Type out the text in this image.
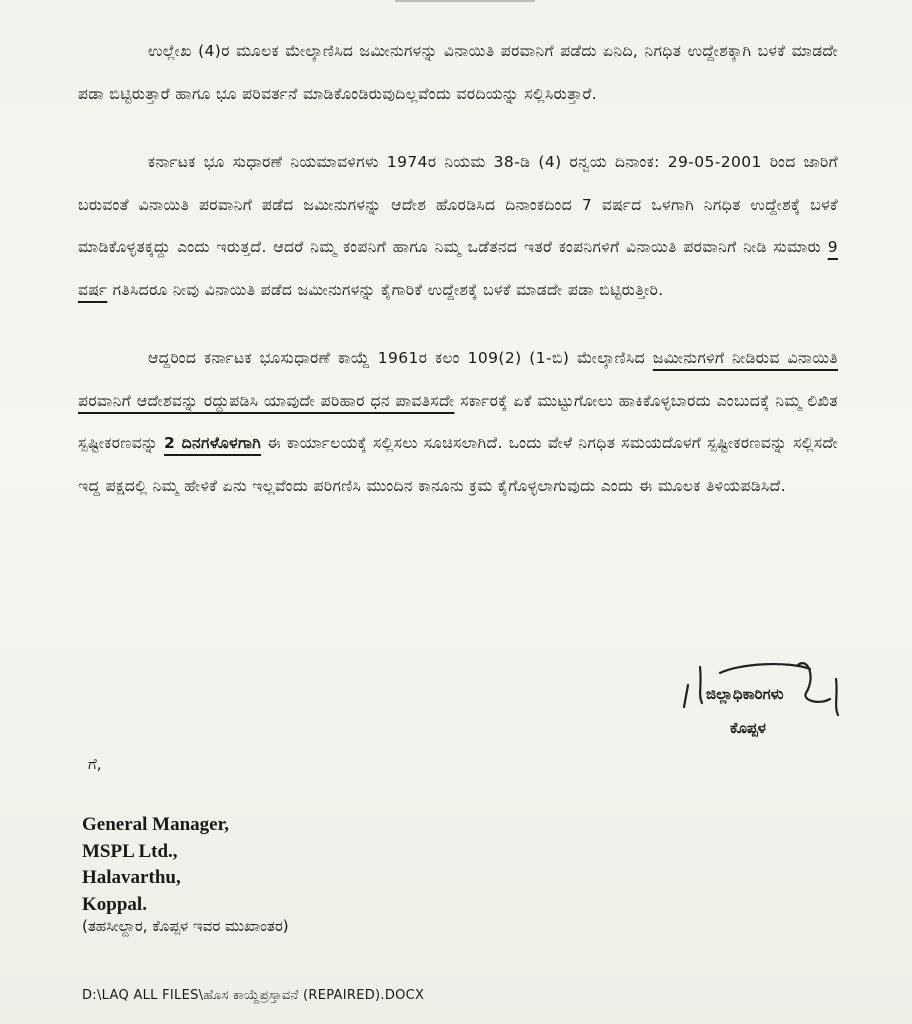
ಉಲ್ಲೇಖ (4)ರ ಮೂಲಕ ಮೇಲ್ಕಾಣಿಸಿದ ಜಮೀನುಗಳನ್ನು ವಿನಾಯಿತಿ ಪರವಾನಿಗೆ ಪಡೆದು ಏನಿದಿ, ನಿಗಧಿತ ಉದ್ದೇಶಕ್ಕಾಗಿ ಬಳಕೆ ಮಾಡದೇ ಪಡಾ ಬಿಟ್ಟಿರುತ್ತಾರೆ ಹಾಗೂ ಭೂ ಪರಿವರ್ತನೆ ಮಾಡಿಕೊಂಡಿರುವುದಿಲ್ಲವೆಂದು ವರದಿಯನ್ನು ಸಲ್ಲಿಸಿರುತ್ತಾರೆ.

ಕರ್ನಾಟಕ ಭೂ ಸುಧಾರಣೆ ನಿಯಮಾವಳಿಗಳು 1974ರ ನಿಯಮ 38-ಡಿ (4) ರನ್ವಯ ದಿನಾಂಕ: 29-05-2001 ರಿಂದ ಜಾರಿಗೆ ಬರುವಂತೆ ವಿನಾಯಿತಿ ಪರವಾನಿಗೆ ಪಡೆದ ಜಮೀನುಗಳನ್ನು ಆದೇಶ ಹೊರಡಿಸಿದ ದಿನಾಂಕದಿಂದ 7 ವರ್ಷದ ಒಳಗಾಗಿ ನಿಗಧಿತ ಉದ್ದೇಶಕ್ಕೆ ಬಳಕೆ ಮಾಡಿಕೊಳ್ಳತಕ್ಕದ್ದು ಎಂದು ಇರುತ್ತದೆ. ಆದರೆ ನಿಮ್ಮ ಕಂಪನಿಗೆ ಹಾಗೂ ನಿಮ್ಮ ಒಡೆತನದ ಇತರೆ ಕಂಪನಿಗಳಿಗೆ ವಿನಾಯಿತಿ ಪರವಾನಿಗೆ ನೀಡಿ ಸುಮಾರು 9 ವರ್ಷ ಗತಿಸಿದರೂ ನೀವು ವಿನಾಯಿತಿ ಪಡೆದ ಜಮೀನುಗಳನ್ನು ಕೈಗಾರಿಕೆ ಉದ್ದೇಶಕ್ಕೆ ಬಳಕೆ ಮಾಡದೇ ಪಡಾ ಬಿಟ್ಟಿರುತ್ತೀರಿ.

ಆದ್ದರಿಂದ ಕರ್ನಾಟಕ ಭೂಸುಧಾರಣೆ ಕಾಯ್ದೆ 1961ರ ಕಲಂ 109(2) (1-ಬಿ) ಮೇಲ್ಕಾಣಿಸಿದ ಜಮೀನುಗಳಿಗೆ ನೀಡಿರುವ ವಿನಾಯಿತಿ ಪರವಾನಿಗೆ ಆದೇಶವನ್ನು ರದ್ದುಪಡಿಸಿ ಯಾವುದೇ ಪರಿಹಾರ ಧನ ಪಾವತಿಸದೇ ಸರ್ಕಾರಕ್ಕೆ ಏಕೆ ಮುಟ್ಟುಗೋಲು ಹಾಕಿಕೊಳ್ಳಬಾರದು ಎಂಬುದಕ್ಕೆ ನಿಮ್ಮ ಲಿಖಿತ ಸ್ಪಷ್ಟೀಕರಣವನ್ನು 2 ದಿನಗಳೊಳಗಾಗಿ ಈ ಕಾರ್ಯಾಲಯಕ್ಕೆ ಸಲ್ಲಿಸಲು ಸೂಚಿಸಲಾಗಿದೆ. ಒಂದು ವೇಳೆ ನಿಗಧಿತ ಸಮಯದೊಳಗೆ ಸ್ಪಷ್ಟೀಕರಣವನ್ನು ಸಲ್ಲಿಸದೇ ಇದ್ದ ಪಕ್ಷದಲ್ಲಿ ನಿಮ್ಮ ಹೇಳಿಕೆ ಏನು ಇಲ್ಲವೆಂದು ಪರಿಗಣಿಸಿ ಮುಂದಿನ ಕಾನೂನು ಕ್ರಮ ಕೈಗೊಳ್ಳಲಾಗುವುದು ಎಂದು ಈ ಮೂಲಕ ತಿಳಿಯಪಡಿಸಿದೆ.

ಜಿಲ್ಲಾಧಿಕಾರಿಗಳು
ಕೊಪ್ಪಳ
ಗೆ,

General Manager,

MSPL Ltd.,

Halavarthu,

Koppal.

(ತಹಸೀಲ್ದಾರ, ಕೊಪ್ಪಳ ಇವರ ಮುಖಾಂತರ)
D:\LAQ ALL FILES\ಹೊಸ ಕಾಯ್ದೆಪ್ರಸ್ತಾವನೆ (REPAIRED).DOCX
